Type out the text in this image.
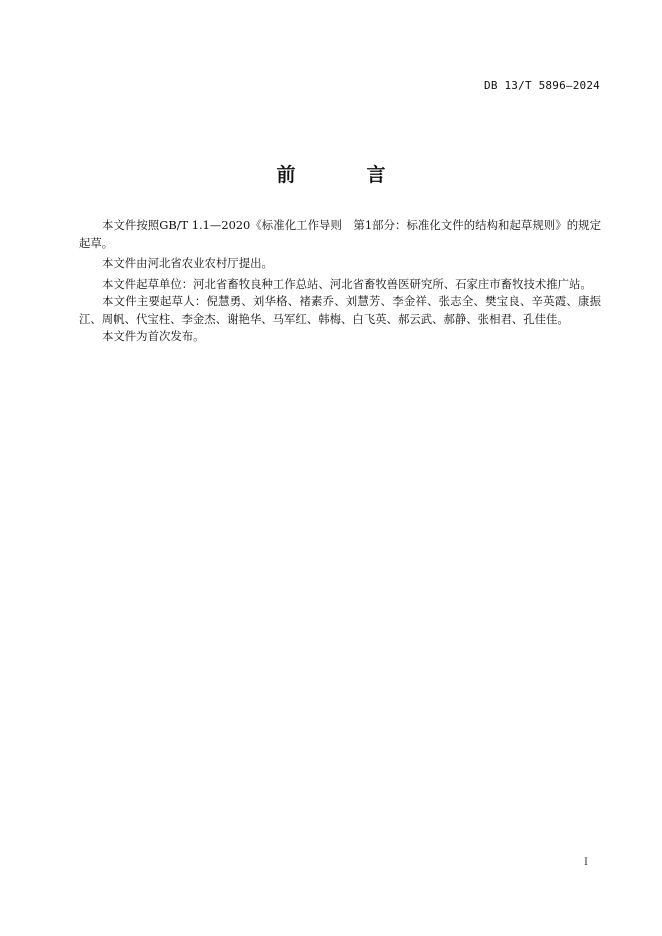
DB 13/T 5896—2024
前　言

本文件按照GB/T 1.1—2020《标准化工作导则　第1部分：标准化文件的结构和起草规则》的规定起草。

本文件由河北省农业农村厅提出。

本文件起草单位：河北省畜牧良种工作总站、河北省畜牧兽医研究所、石家庄市畜牧技术推广站。

本文件主要起草人：倪慧勇、刘华格、褚素乔、刘慧芳、李金祥、张志全、樊宝良、辛英霞、康振江、周帆、代宝柱、李金杰、谢艳华、马军红、韩梅、白飞英、郝云武、郝静、张相君、孔佳佳。

本文件为首次发布。

I
